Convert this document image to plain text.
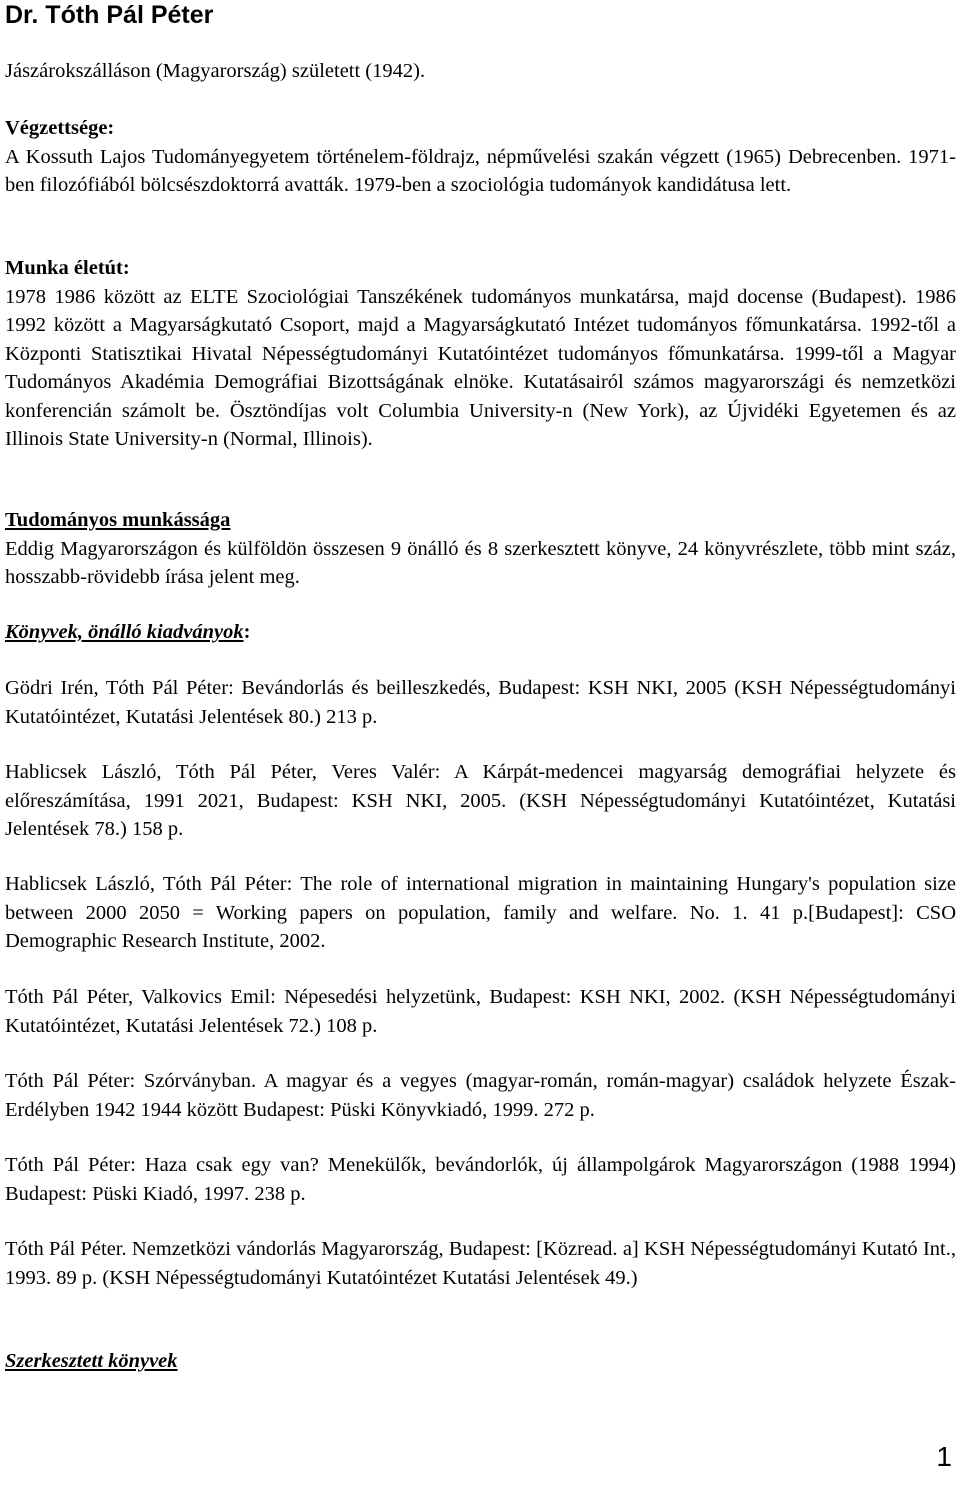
Dr. Tóth Pál Péter

Jászárokszálláson (Magyarország) született (1942).

Végzettsége:

A Kossuth Lajos Tudományegyetem történelem-földrajz, népművelési szakán végzett (1965) Debrecenben. 1971-ben filozófiából bölcsészdoktorrá avatták. 1979-ben a szociológia tudományok kandidátusa lett.

Munka életút:

1978 1986 között az ELTE Szociológiai Tanszékének tudományos munkatársa, majd docense (Budapest). 1986 1992 között a Magyarságkutató Csoport, majd a Magyarságkutató Intézet tudományos főmunkatársa. 1992-től a Központi Statisztikai Hivatal Népességtudományi Kutatóintézet tudományos főmunkatársa. 1999-től a Magyar Tudományos Akadémia Demográfiai Bizottságának elnöke. Kutatásairól számos magyarországi és nemzetközi konferencián számolt be. Ösztöndíjas volt Columbia University-n (New York), az Újvidéki Egyetemen és az Illinois State University-n (Normal, Illinois).

Tudományos munkássága

Eddig Magyarországon és külföldön összesen 9 önálló és 8 szerkesztett könyve, 24 könyvrészlete, több mint száz, hosszabb-rövidebb írása jelent meg.

Könyvek, önálló kiadványok:

Gödri Irén, Tóth Pál Péter: Bevándorlás és beilleszkedés, Budapest: KSH NKI, 2005 (KSH Népességtudományi Kutatóintézet, Kutatási Jelentések 80.) 213 p.

Hablicsek László, Tóth Pál Péter, Veres Valér: A Kárpát-medencei magyarság demográfiai helyzete és előreszámítása, 1991 2021, Budapest: KSH NKI, 2005. (KSH Népességtudományi Kutatóintézet, Kutatási Jelentések 78.) 158 p.

Hablicsek László, Tóth Pál Péter: The role of international migration in maintaining Hungary's population size between 2000 2050 = Working papers on population, family and welfare. No. 1. 41 p.[Budapest]: CSO Demographic Research Institute, 2002.

Tóth Pál Péter, Valkovics Emil: Népesedési helyzetünk, Budapest: KSH NKI, 2002. (KSH Népességtudományi Kutatóintézet, Kutatási Jelentések 72.) 108 p.

Tóth Pál Péter: Szórványban. A magyar és a vegyes (magyar-román, román-magyar) családok helyzete Észak-Erdélyben 1942 1944 között Budapest: Püski Könyvkiadó, 1999. 272 p.

Tóth Pál Péter: Haza csak egy van? Menekülők, bevándorlók, új állampolgárok Magyarországon (1988 1994) Budapest: Püski Kiadó, 1997. 238 p.

Tóth Pál Péter. Nemzetközi vándorlás Magyarország, Budapest: [Közread. a] KSH Népességtudományi Kutató Int., 1993. 89 p. (KSH Népességtudományi Kutatóintézet Kutatási Jelentések 49.)

Szerkesztett könyvek

1
